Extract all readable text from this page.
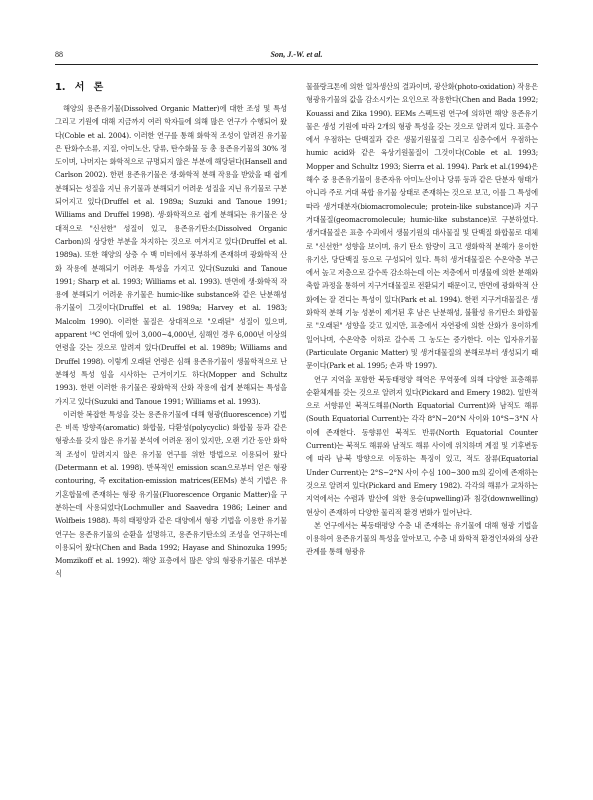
88	Son, J.-W. et al.
1. 서 론

해양의 용존유기물(Dissolved Organic Matter)에 대한 조성 및 특성 그리고 기원에 대해 지금까지 여러 학자들에 의해 많은 연구가 수행되어 왔다(Coble et al. 2004). 이러한 연구를 통해 화학적 조성이 알려진 유기물은 탄화수소류, 지질, 아미노산, 당류, 탄수화물 등 총 용존유기물의 30% 정도이며, 나머지는 화학적으로 규명되지 않은 부분에 해당된다(Hansell and Carlson 2002). 한편 용존유기물은 생·화학적 분해 작용을 받았을 때 쉽게 분해되는 성질을 지닌 유기물과 분해되기 어려운 성질을 지닌 유기물로 구분되어지고 있다(Druffel et al. 1989a; Suzuki and Tanoue 1991; Williams and Druffel 1998). 생·화학적으로 쉽게 분해되는 유기물은 상대적으로 "신선한" 성질이 있고, 용존유기탄소(Dissolved Organic Carbon)의 상당한 부분을 차지하는 것으로 여겨지고 있다(Druffel et al. 1989a). 또한 해양의 상층 수 백 미터에서 풍부하게 존재하며 광화학적 산화 작용에 분해되기 어려운 특성을 가지고 있다(Suzuki and Tanoue 1991; Sharp et al. 1993; Williams et al. 1993). 반면에 생·화학적 작용에 분해되기 어려운 유기물은 humic-like substance와 같은 난분해성 유기물이 그것이다(Druffel et al. 1989a; Harvey et al. 1983; Malcolm 1990). 이러한 물질은 상대적으로 "오래된" 성질이 있으며, apparent ¹⁴C 연대에 있어 3,000~4,000년, 심해인 경우 6,000년 이상의 연령을 갖는 것으로 알려져 있다(Druffel et al. 1989b; Williams and Druffel 1998). 이렇게 오래된 연령은 심해 용존유기물이 생물학적으로 난분해성 특성 임을 시사하는 근거이기도 하다(Mopper and Schultz 1993). 한편 이러한 유기물은 광화학적 산화 작용에 쉽게 분해되는 특성을 가지고 있다(Suzuki and Tanoue 1991; Williams et al. 1993).

이러한 복잡한 특성을 갖는 용존유기물에 대해 형광(fluorescence) 기법은 비록 방향족(aromatic) 화합물, 다환성(polycyclic) 화합물 등과 같은 형광소를 갖지 않은 유기물 분석에 어려운 점이 있지만, 오랜 기간 동안 화학적 조성이 알려지지 않은 유기물 연구를 위한 방법으로 이용되어 왔다(Determann et al. 1998). 반복적인 emission scan으로부터 얻은 형광 contouring, 즉 excitation-emission matrices(EEMs) 분석 기법은 유기혼합물에 존재하는 형광 유기물(Fluorescence Organic Matter)을 구분하는데 사용되었다(Lochmuller and Saavedra 1986; Leiner and Wolfbeis 1988). 특히 태평양과 같은 대양에서 형광 기법을 이용한 유기물 연구는 용존유기물의 순환을 설명하고, 용존유기탄소의 조성을 연구하는데 이용되어 왔다(Chen and Bada 1992; Hayase and Shinozuka 1995; Momzikoff et al. 1992). 해양 표층에서 많은 양의 형광유기물은 대부분 식

물플랑크톤에 의한 일차생산의 결과이며, 광산화(photo-oxidation) 작용은 형광유기물의 값을 감소시키는 요인으로 작용한다(Chen and Bada 1992; Kouassi and Zika 1990). EEMs 스펙트럼 연구에 의하면 해양 용존유기물은 생성 기원에 따라 2개의 형광 특성을 갖는 것으로 알려져 있다. 표층수에서 우점하는 단백질과 같은 생물기원물질 그리고 심층수에서 우점하는 humic acid와 같은 육상기원물질이 그것이다(Coble et al. 1993; Mopper and Schultz 1993; Sierra et al. 1994). Park et al.(1994)은 해수 중 용존유기물이 용존자유 아미노산이나 당류 등과 같은 단분자 형태가 아니라 주로 거대 복합 유기물 상태로 존재하는 것으로 보고, 이를 그 특성에 따라 생거대분자(biomacromolecule; protein-like substance)과 지구거대물질(geomacromolecule; humic-like substance)로 구분하였다. 생거대물질은 표층 수괴에서 생물기원의 대사물질 및 단백질 화합물로 대체로 "신선한" 성향을 보이며, 유기 탄소 함량이 크고 생화학적 분해가 용이한 유기산, 당단백질 등으로 구성되어 있다. 특히 생거대물질은 수온약층 부근에서 높고 저층으로 갈수록 감소하는데 이는 저층에서 미생물에 의한 분해와 축합 과정을 통하여 지구거대물질로 전환되기 때문이고, 반면에 광화학적 산화에는 잘 견디는 특성이 있다(Park et al. 1994). 한편 지구거대물질은 생화학적 분해 기능 성분이 제거된 후 남은 난분해성, 불활성 유기탄소 화합물로 "오래된" 성향을 갖고 있지만, 표층에서 자연광에 의한 산화가 용이하게 일어나며, 수온약층 이하로 갈수록 그 농도는 증가한다. 이는 입자유기물(Particulate Organic Matter) 및 생거대물질의 분해로부터 생성되기 때문이다(Park et al. 1995; 손과 박 1997).

연구 지역을 포함한 북동태평양 해역은 무역풍에 의해 다양한 표층해류 순환체계를 갖는 것으로 알려져 있다(Pickard and Emery 1982). 일반적으로 서향류인 북적도해류(North Equatorial Current)와 남적도 해류(South Equatorial Current)는 각각 8°N~20°N 사이와 10°S~3°N 사이에 존재한다. 동향류인 북적도 반류(North Equatorial Counter Current)는 북적도 해류와 남적도 해류 사이에 위치하며 계절 및 기후변동에 따라 남·북 방향으로 이동하는 특징이 있고, 적도 잠류(Equatorial Under Current)는 2°S~2°N 사이 수심 100~300 m의 깊이에 존재하는 것으로 알려져 있다(Pickard and Emery 1982). 각각의 해류가 교차하는 지역에서는 수렴과 발산에 의한 용승(upwelling)과 침강(downwelling) 현상이 존재하여 다양한 물리적 환경 변화가 일어난다.

본 연구에서는 북동태평양 수층 내 존재하는 유기물에 대해 형광 기법을 이용하여 용존유기물의 특성을 알아보고, 수층 내 화학적 환경인자와의 상관관계를 통해 형광유
